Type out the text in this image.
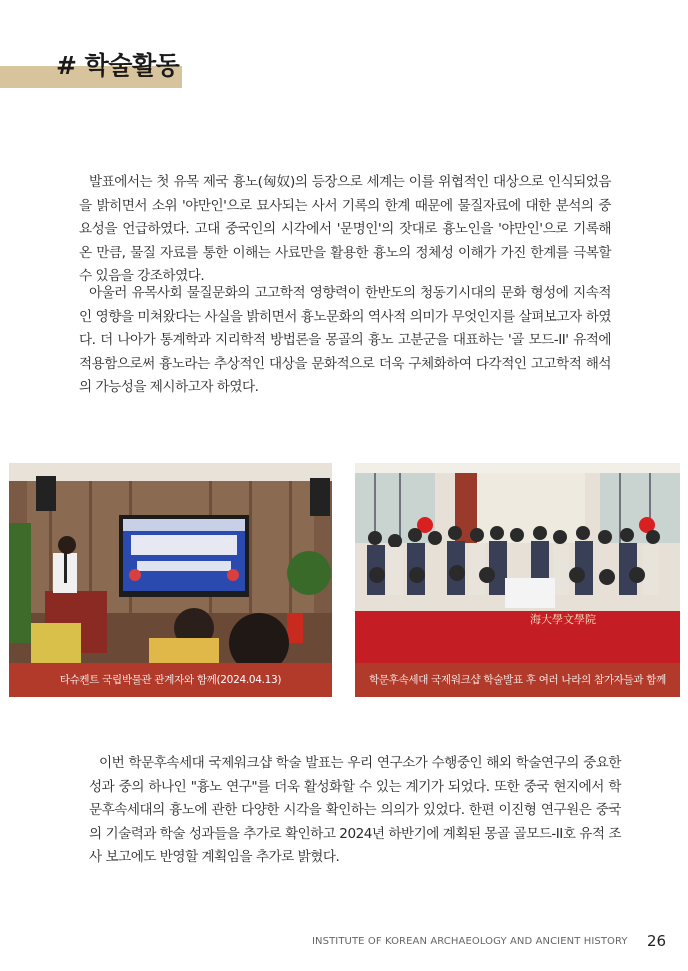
# 학술활동

발표에서는 첫 유목 제국 흉노(匈奴)의 등장으로 세계는 이를 위협적인 대상으로 인식되었음을 밝히면서 소위 '야만인'으로 묘사되는 사서 기록의 한계 때문에 물질자료에 대한 분석의 중요성을 언급하였다. 고대 중국인의 시각에서 '문명인'의 잣대로 흉노인을 '야만인'으로 기록해 온 만큼, 물질 자료를 통한 이해는 사료만을 활용한 흉노의 정체성 이해가 가진 한계를 극복할 수 있음을 강조하였다.

아울러 유목사회 물질문화의 고고학적 영향력이 한반도의 청동기시대의 문화 형성에 지속적인 영향을 미쳐왔다는 사실을 밝히면서 흉노문화의 역사적 의미가 무엇인지를 살펴보고자 하였다. 더 나아가 통계학과 지리학적 방법론을 몽골의 흉노 고분군을 대표하는 '골 모드-II' 유적에 적용함으로써 흉노라는 추상적인 대상을 문화적으로 더욱 구체화하여 다각적인 고고학적 해석의 가능성을 제시하고자 하였다.

타슈켄트 국립박물관 관계자와 함께(2024.04.13)
海大學文學院
학문후속세대 국제워크샵 학술발표 후 여러 나라의 참가자들과 함께

이번 학문후속세대 국제워크샵 학술 발표는 우리 연구소가 수행중인 해외 학술연구의 중요한 성과 중의 하나인 "흉노 연구"를 더욱 활성화할 수 있는 계기가 되었다. 또한 중국 현지에서 학문후속세대의 흉노에 관한 다양한 시각을 확인하는 의의가 있었다. 한편 이진형 연구원은 중국의 기술력과 학술 성과들을 추가로 확인하고 2024년 하반기에 계획된 몽골 골모드-II호 유적 조사 보고에도 반영할 계획임을 추가로 밝혔다.

INSTITUTE OF KOREAN ARCHAEOLOGY AND ANCIENT HISTORY 26
